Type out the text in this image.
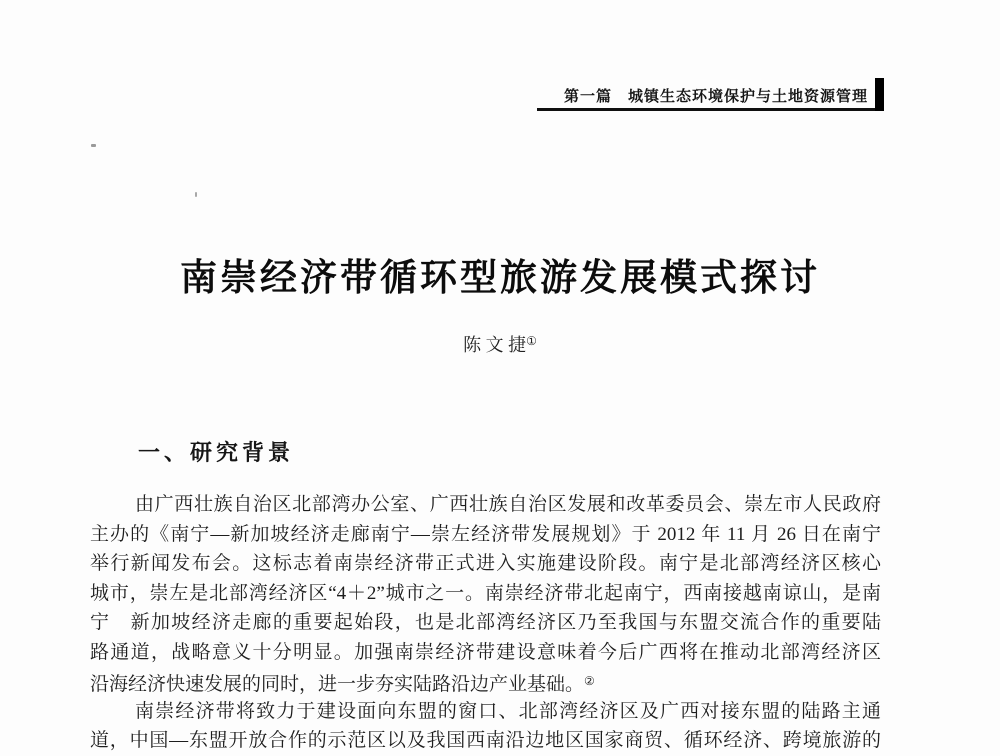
第一篇　城镇生态环境保护与土地资源管理
南崇经济带循环型旅游发展模式探讨
陈 文 捷①
一、研究背景
由广西壮族自治区北部湾办公室、广西壮族自治区发展和改革委员会、崇左市人民政府
主办的《南宁—新加坡经济走廊南宁—崇左经济带发展规划》于 2012 年 11 月 26 日在南宁
举行新闻发布会。这标志着南崇经济带正式进入实施建设阶段。南宁是北部湾经济区核心
城市，崇左是北部湾经济区“4＋2”城市之一。南崇经济带北起南宁，西南接越南谅山，是南
宁　新加坡经济走廊的重要起始段，也是北部湾经济区乃至我国与东盟交流合作的重要陆
路通道，战略意义十分明显。加强南崇经济带建设意味着今后广西将在推动北部湾经济区
沿海经济快速发展的同时，进一步夯实陆路沿边产业基础。②
南崇经济带将致力于建设面向东盟的窗口、北部湾经济区及广西对接东盟的陆路主通
道，中国—东盟开放合作的示范区以及我国西南沿边地区国家商贸、循环经济、跨境旅游的
